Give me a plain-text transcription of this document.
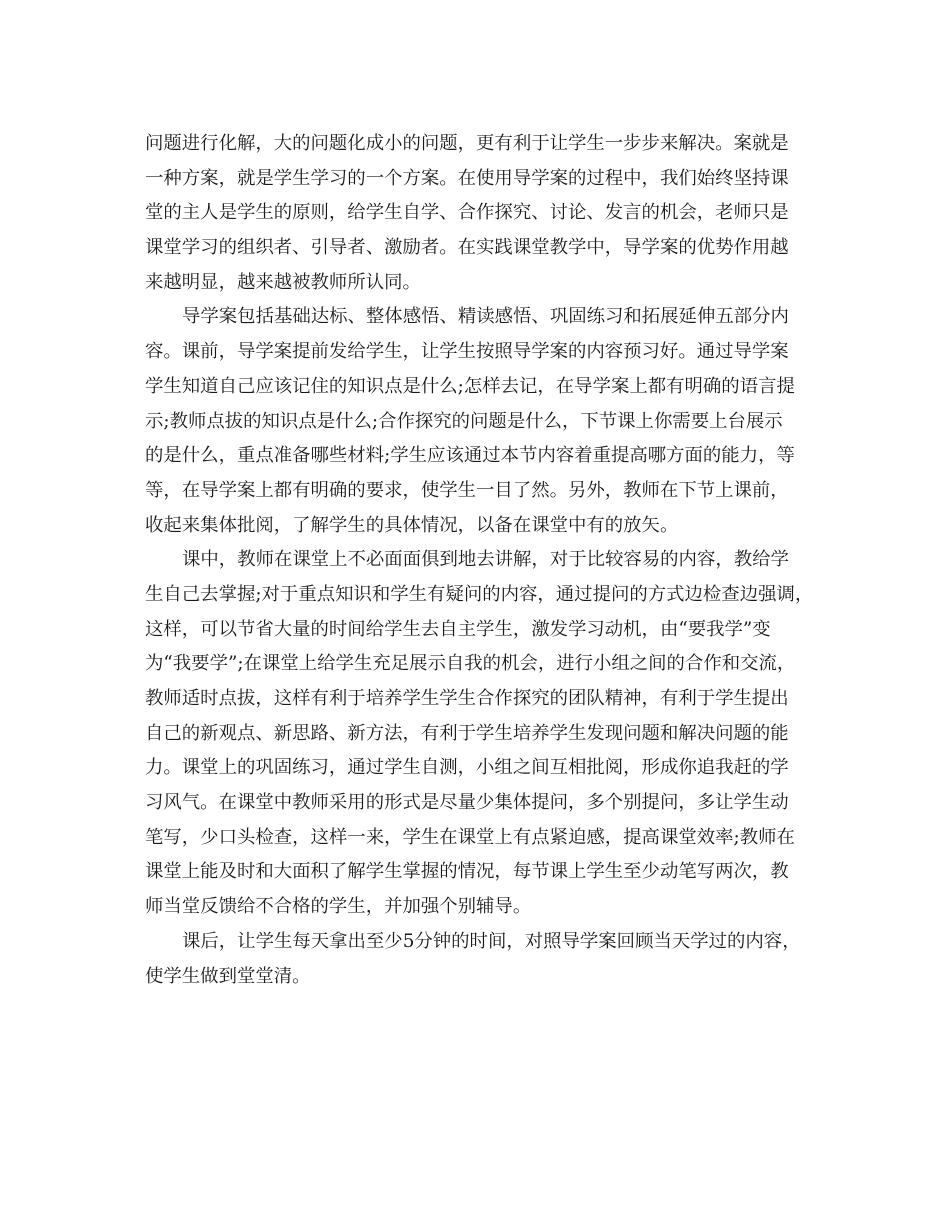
问题进行化解，大的问题化成小的问题，更有利于让学生一步步来解决。案就是
一种方案，就是学生学习的一个方案。在使用导学案的过程中，我们始终坚持课
堂的主人是学生的原则，给学生自学、合作探究、讨论、发言的机会，老师只是
课堂学习的组织者、引导者、激励者。在实践课堂教学中，导学案的优势作用越
来越明显，越来越被教师所认同。
导学案包括基础达标、整体感悟、精读感悟、巩固练习和拓展延伸五部分内
容。课前，导学案提前发给学生，让学生按照导学案的内容预习好。通过导学案
学生知道自己应该记住的知识点是什么;怎样去记，在导学案上都有明确的语言提
示;教师点拔的知识点是什么;合作探究的问题是什么，下节课上你需要上台展示
的是什么，重点准备哪些材料;学生应该通过本节内容着重提高哪方面的能力，等
等，在导学案上都有明确的要求，使学生一目了然。另外，教师在下节上课前，
收起来集体批阅，了解学生的具体情况，以备在课堂中有的放矢。
课中，教师在课堂上不必面面俱到地去讲解，对于比较容易的内容，教给学
生自己去掌握;对于重点知识和学生有疑问的内容，通过提问的方式边检查边强调，
这样，可以节省大量的时间给学生去自主学生，激发学习动机，由“要我学”变
为“我要学”;在课堂上给学生充足展示自我的机会，进行小组之间的合作和交流，
教师适时点拔，这样有利于培养学生学生合作探究的团队精神，有利于学生提出
自己的新观点、新思路、新方法，有利于学生培养学生发现问题和解决问题的能
力。课堂上的巩固练习，通过学生自测，小组之间互相批阅，形成你追我赶的学
习风气。在课堂中教师采用的形式是尽量少集体提问，多个别提问，多让学生动
笔写，少口头检查，这样一来，学生在课堂上有点紧迫感，提高课堂效率;教师在
课堂上能及时和大面积了解学生掌握的情况，每节课上学生至少动笔写两次，教
师当堂反馈给不合格的学生，并加强个别辅导。
课后，让学生每天拿出至少5分钟的时间，对照导学案回顾当天学过的内容，
使学生做到堂堂清。
